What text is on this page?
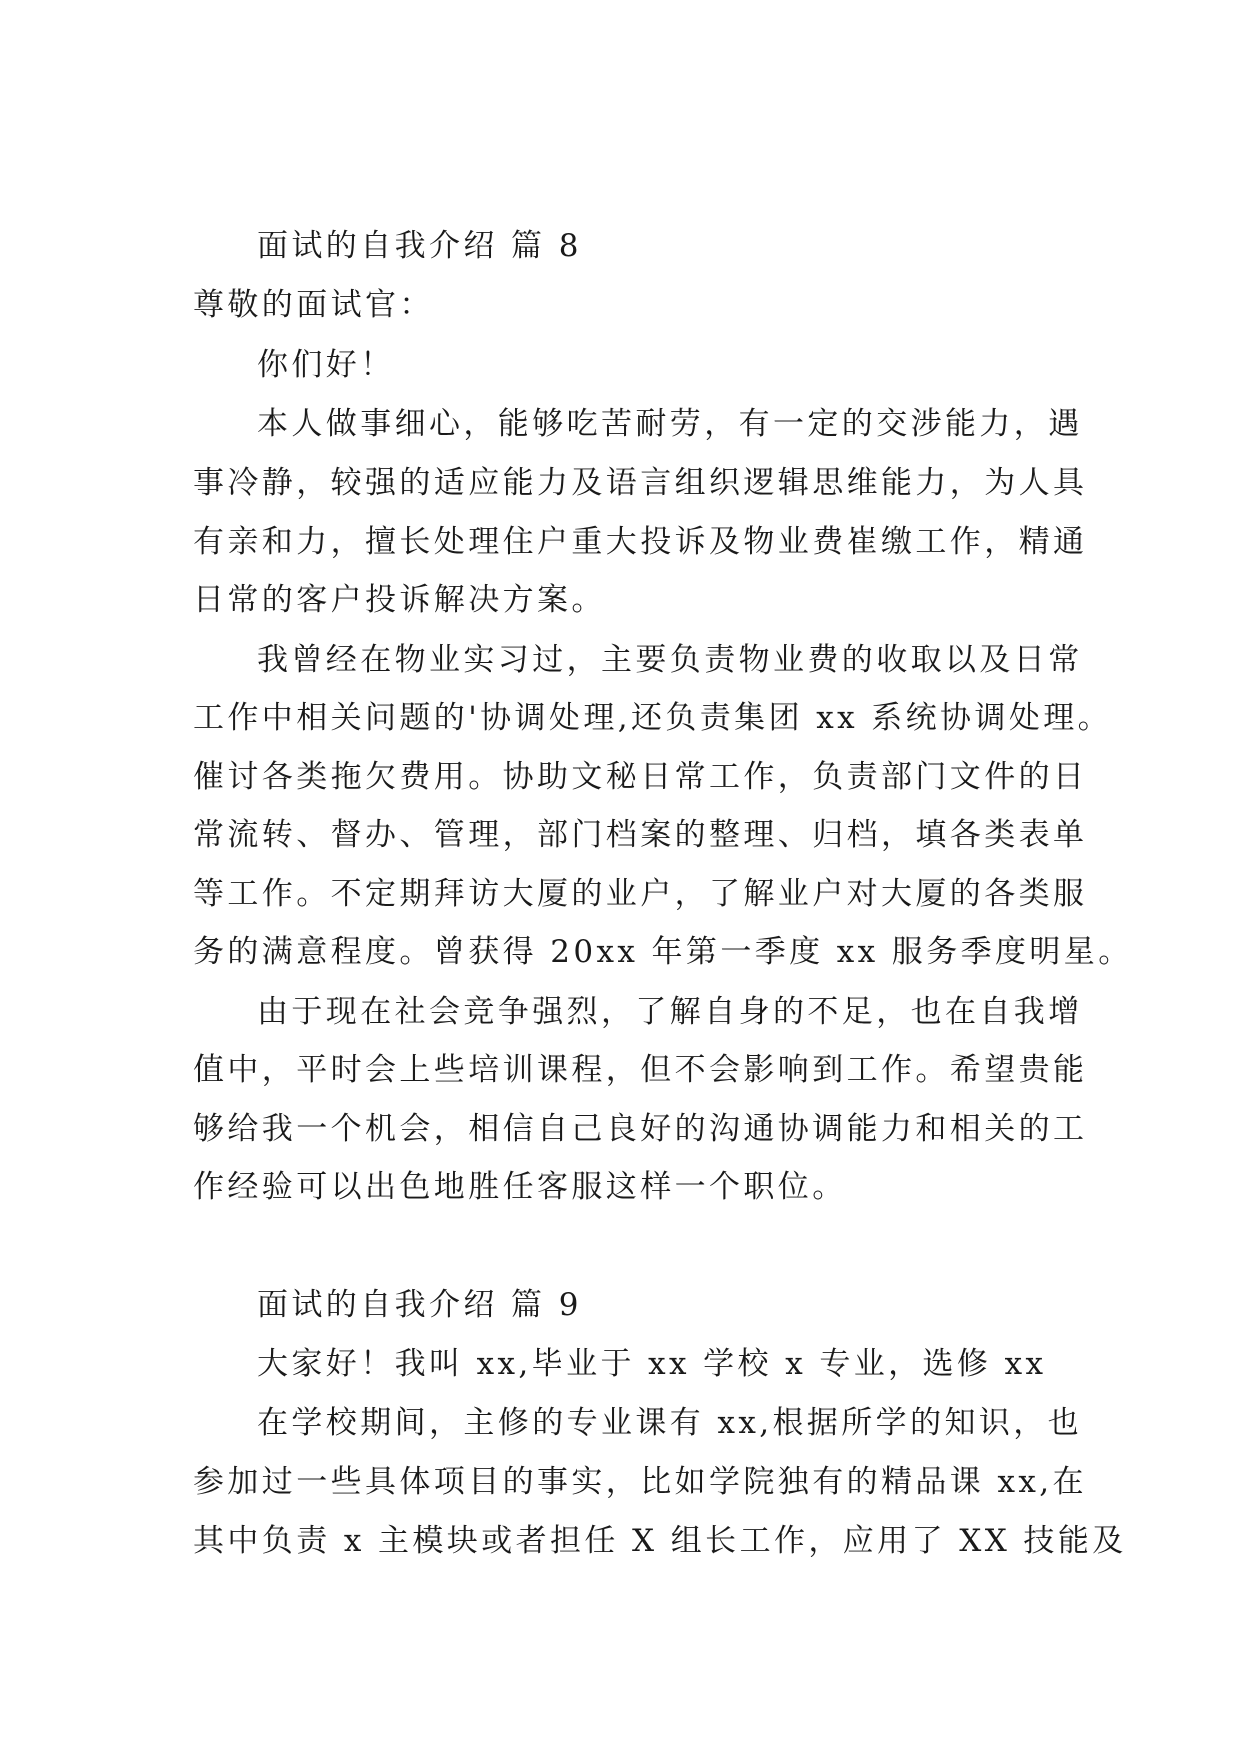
面试的自我介绍 篇 8
尊敬的面试官：
你们好！
本人做事细心，能够吃苦耐劳，有一定的交涉能力，遇
事冷静，较强的适应能力及语言组织逻辑思维能力，为人具
有亲和力，擅长处理住户重大投诉及物业费崔缴工作，精通
日常的客户投诉解决方案。
我曾经在物业实习过，主要负责物业费的收取以及日常
工作中相关问题的'协调处理,还负责集团 xx 系统协调处理。
催讨各类拖欠费用。协助文秘日常工作，负责部门文件的日
常流转、督办、管理，部门档案的整理、归档，填各类表单
等工作。不定期拜访大厦的业户，了解业户对大厦的各类服
务的满意程度。曾获得 20xx 年第一季度 xx 服务季度明星。
由于现在社会竞争强烈，了解自身的不足，也在自我增
值中，平时会上些培训课程，但不会影响到工作。希望贵能
够给我一个机会，相信自己良好的沟通协调能力和相关的工
作经验可以出色地胜任客服这样一个职位。
面试的自我介绍 篇 9
大家好！我叫 xx,毕业于 xx 学校 x 专业，选修 xx
在学校期间，主修的专业课有 xx,根据所学的知识，也
参加过一些具体项目的事实，比如学院独有的精品课 xx,在
其中负责 x 主模块或者担任 X 组长工作，应用了 XX 技能及
